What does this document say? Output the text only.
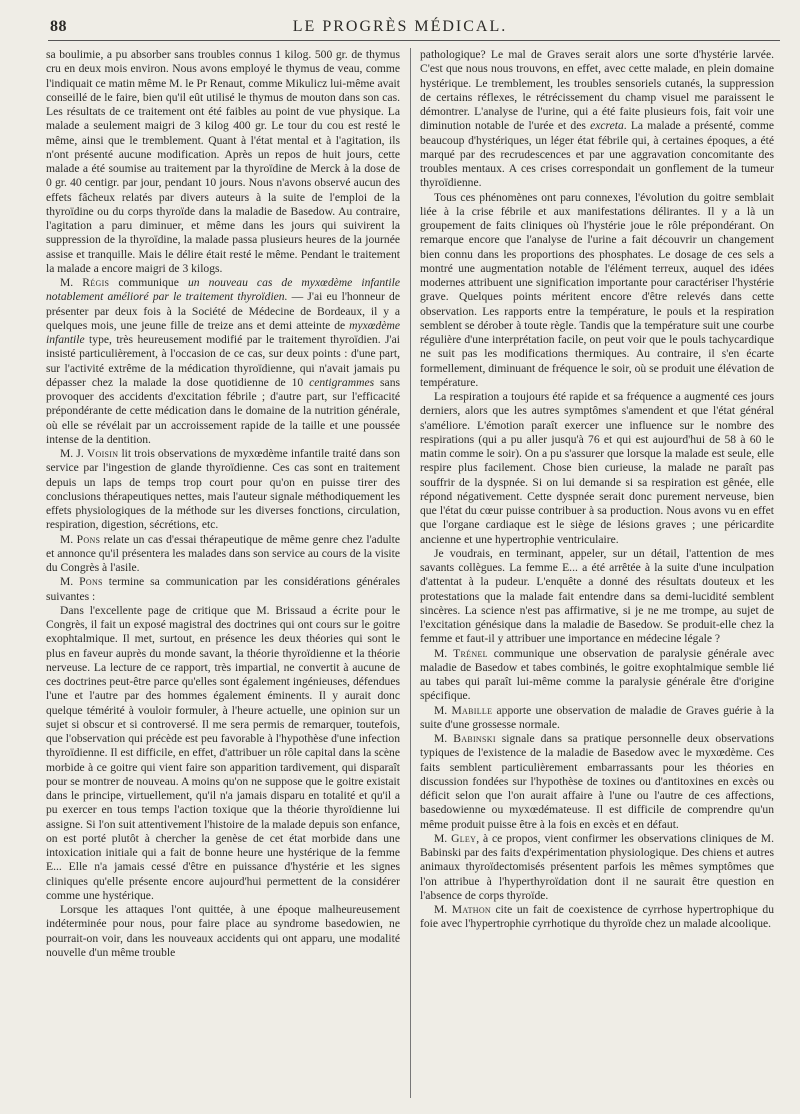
88	LE PROGRÈS MÉDICAL.

sa boulimie, a pu absorber sans troubles connus 1 kilog. 500 gr. de thymus cru en deux mois environ. Nous avons employé le thymus de veau, comme l'indiquait ce matin même M. le Pr Renaut, comme Mikulicz lui-même avait conseillé de le faire, bien qu'il eût utilisé le thymus de mouton dans son cas. Les résultats de ce traitement ont été faibles au point de vue physique. La malade a seulement maigri de 3 kilog 400 gr. Le tour du cou est resté le même, ainsi que le tremblement. Quant à l'état mental et à l'agitation, ils n'ont présenté aucune modification. Après un repos de huit jours, cette malade a été soumise au traitement par la thyroïdine de Merck à la dose de 0 gr. 40 centigr. par jour, pendant 10 jours. Nous n'avons observé aucun des effets fâcheux relatés par divers auteurs à la suite de l'emploi de la thyroïdine ou du corps thyroïde dans la maladie de Basedow. Au contraire, l'agitation a paru diminuer, et même dans les jours qui suivirent la suppression de la thyroïdine, la malade passa plusieurs heures de la journée assise et tranquille. Mais le délire était resté le même. Pendant le traitement la malade a encore maigri de 3 kilogs.

M. Régis communique un nouveau cas de myxœdème infantile notablement amélioré par le traitement thyroïdien. — J'ai eu l'honneur de présenter par deux fois à la Société de Médecine de Bordeaux, il y a quelques mois, une jeune fille de treize ans et demi atteinte de myxœdème infantile type, très heureusement modifié par le traitement thyroïdien. J'ai insisté particulièrement, à l'occasion de ce cas, sur deux points : d'une part, sur l'activité extrême de la médication thyroïdienne, qui n'avait jamais pu dépasser chez la malade la dose quotidienne de 10 centigrammes sans provoquer des accidents d'excitation fébrile ; d'autre part, sur l'efficacité prépondérante de cette médication dans le domaine de la nutrition générale, où elle se révélait par un accroissement rapide de la taille et une poussée intense de la dentition.

M. J. Voisin lit trois observations de myxœdème infantile traité dans son service par l'ingestion de glande thyroïdienne. Ces cas sont en traitement depuis un laps de temps trop court pour qu'on en puisse tirer des conclusions thérapeutiques nettes, mais l'auteur signale méthodiquement les effets physiologiques de la méthode sur les diverses fonctions, circulation, respiration, digestion, sécrétions, etc.

M. Pons relate un cas d'essai thérapeutique de même genre chez l'adulte et annonce qu'il présentera les malades dans son service au cours de la visite du Congrès à l'asile.

M. Pons termine sa communication par les considérations générales suivantes :

Dans l'excellente page de critique que M. Brissaud a écrite pour le Congrès, il fait un exposé magistral des doctrines qui ont cours sur le goitre exophtalmique. Il met, surtout, en présence les deux théories qui sont le plus en faveur auprès du monde savant, la théorie thyroïdienne et la théorie nerveuse. La lecture de ce rapport, très impartial, ne convertit à aucune de ces doctrines peut-être parce qu'elles sont également ingénieuses, défendues l'une et l'autre par des hommes également éminents. Il y aurait donc quelque témérité à vouloir formuler, à l'heure actuelle, une opinion sur un sujet si obscur et si controversé. Il me sera permis de remarquer, toutefois, que l'observation qui précède est peu favorable à l'hypothèse d'une infection thyroïdienne. Il est difficile, en effet, d'attribuer un rôle capital dans la scène morbide à ce goitre qui vient faire son apparition tardivement, qui disparaît pour se montrer de nouveau. A moins qu'on ne suppose que le goitre existait dans le principe, virtuellement, qu'il n'a jamais disparu en totalité et qu'il a pu exercer en tous temps l'action toxique que la théorie thyroïdienne lui assigne. Si l'on suit attentivement l'histoire de la malade depuis son enfance, on est porté plutôt à chercher la genèse de cet état morbide dans une intoxication initiale qui a fait de bonne heure une hystérique de la femme E... Elle n'a jamais cessé d'être en puissance d'hystérie et les signes cliniques qu'elle présente encore aujourd'hui permettent de la considérer comme une hystérique.

Lorsque les attaques l'ont quittée, à une époque malheureusement indéterminée pour nous, pour faire place au syndrome basedowien, ne pourrait-on voir, dans les nouveaux accidents qui ont apparu, une modalité nouvelle d'un même trouble

pathologique? Le mal de Graves serait alors une sorte d'hystérie larvée. C'est que nous nous trouvons, en effet, avec cette malade, en plein domaine hystérique. Le tremblement, les troubles sensoriels cutanés, la suppression de certains réflexes, le rétrécissement du champ visuel me paraissent le démontrer. L'analyse de l'urine, qui a été faite plusieurs fois, fait voir une diminution notable de l'urée et des excreta. La malade a présenté, comme beaucoup d'hystériques, un léger état fébrile qui, à certaines époques, a été marqué par des recrudescences et par une aggravation concomitante des troubles mentaux. A ces crises correspondait un gonflement de la tumeur thyroïdienne.

Tous ces phénomènes ont paru connexes, l'évolution du goitre semblait liée à la crise fébrile et aux manifestations délirantes. Il y a là un groupement de faits cliniques où l'hystérie joue le rôle prépondérant. On remarque encore que l'analyse de l'urine a fait découvrir un changement bien connu dans les proportions des phosphates. Le dosage de ces sels a montré une augmentation notable de l'élément terreux, auquel des idées modernes attribuent une signification importante pour caractériser l'hystérie grave. Quelques points méritent encore d'être relevés dans cette observation. Les rapports entre la température, le pouls et la respiration semblent se dérober à toute règle. Tandis que la température suit une courbe régulière d'une interprétation facile, on peut voir que le pouls tachycardique ne suit pas les modifications thermiques. Au contraire, il s'en écarte formellement, diminuant de fréquence le soir, où se produit une élévation de température.

La respiration a toujours été rapide et sa fréquence a augmenté ces jours derniers, alors que les autres symptômes s'amendent et que l'état général s'améliore. L'émotion paraît exercer une influence sur le nombre des respirations (qui a pu aller jusqu'à 76 et qui est aujourd'hui de 58 à 60 le matin comme le soir). On a pu s'assurer que lorsque la malade est seule, elle respire plus facilement. Chose bien curieuse, la malade ne paraît pas souffrir de la dyspnée. Si on lui demande si sa respiration est gênée, elle répond négativement. Cette dyspnée serait donc purement nerveuse, bien que l'état du cœur puisse contribuer à sa production. Nous avons vu en effet que l'organe cardiaque est le siège de lésions graves ; une péricardite ancienne et une hypertrophie ventriculaire.

Je voudrais, en terminant, appeler, sur un détail, l'attention de mes savants collègues. La femme E... a été arrêtée à la suite d'une inculpation d'attentat à la pudeur. L'enquête a donné des résultats douteux et les protestations que la malade fait entendre dans sa demi-lucidité semblent sincères. La science n'est pas affirmative, si je ne me trompe, au sujet de l'excitation génésique dans la maladie de Basedow. Se produit-elle chez la femme et faut-il y attribuer une importance en médecine légale ?

M. Trénel communique une observation de paralysie générale avec maladie de Basedow et tabes combinés, le goitre exophtalmique semble lié au tabes qui paraît lui-même comme la paralysie générale être d'origine spécifique.

M. Mabille apporte une observation de maladie de Graves guérie à la suite d'une grossesse normale.

M. Babinski signale dans sa pratique personnelle deux observations typiques de l'existence de la maladie de Basedow avec le myxœdème. Ces faits semblent particulièrement embarrassants pour les théories en discussion fondées sur l'hypothèse de toxines ou d'antitoxines en excès ou déficit selon que l'on aurait affaire à l'une ou l'autre de ces affections, basedowienne ou myxœdémateuse. Il est difficile de comprendre qu'un même produit puisse être à la fois en excès et en défaut.

M. Gley, à ce propos, vient confirmer les observations cliniques de M. Babinski par des faits d'expérimentation physiologique. Des chiens et autres animaux thyroïdectomisés présentent parfois les mêmes symptômes que l'on attribue à l'hyperthyroïdation dont il ne saurait être question en l'absence de corps thyroïde.

M. Mathon cite un fait de coexistence de cyrrhose hypertrophique du foie avec l'hypertrophie cyrrhotique du thyroïde chez un malade alcoolique.
